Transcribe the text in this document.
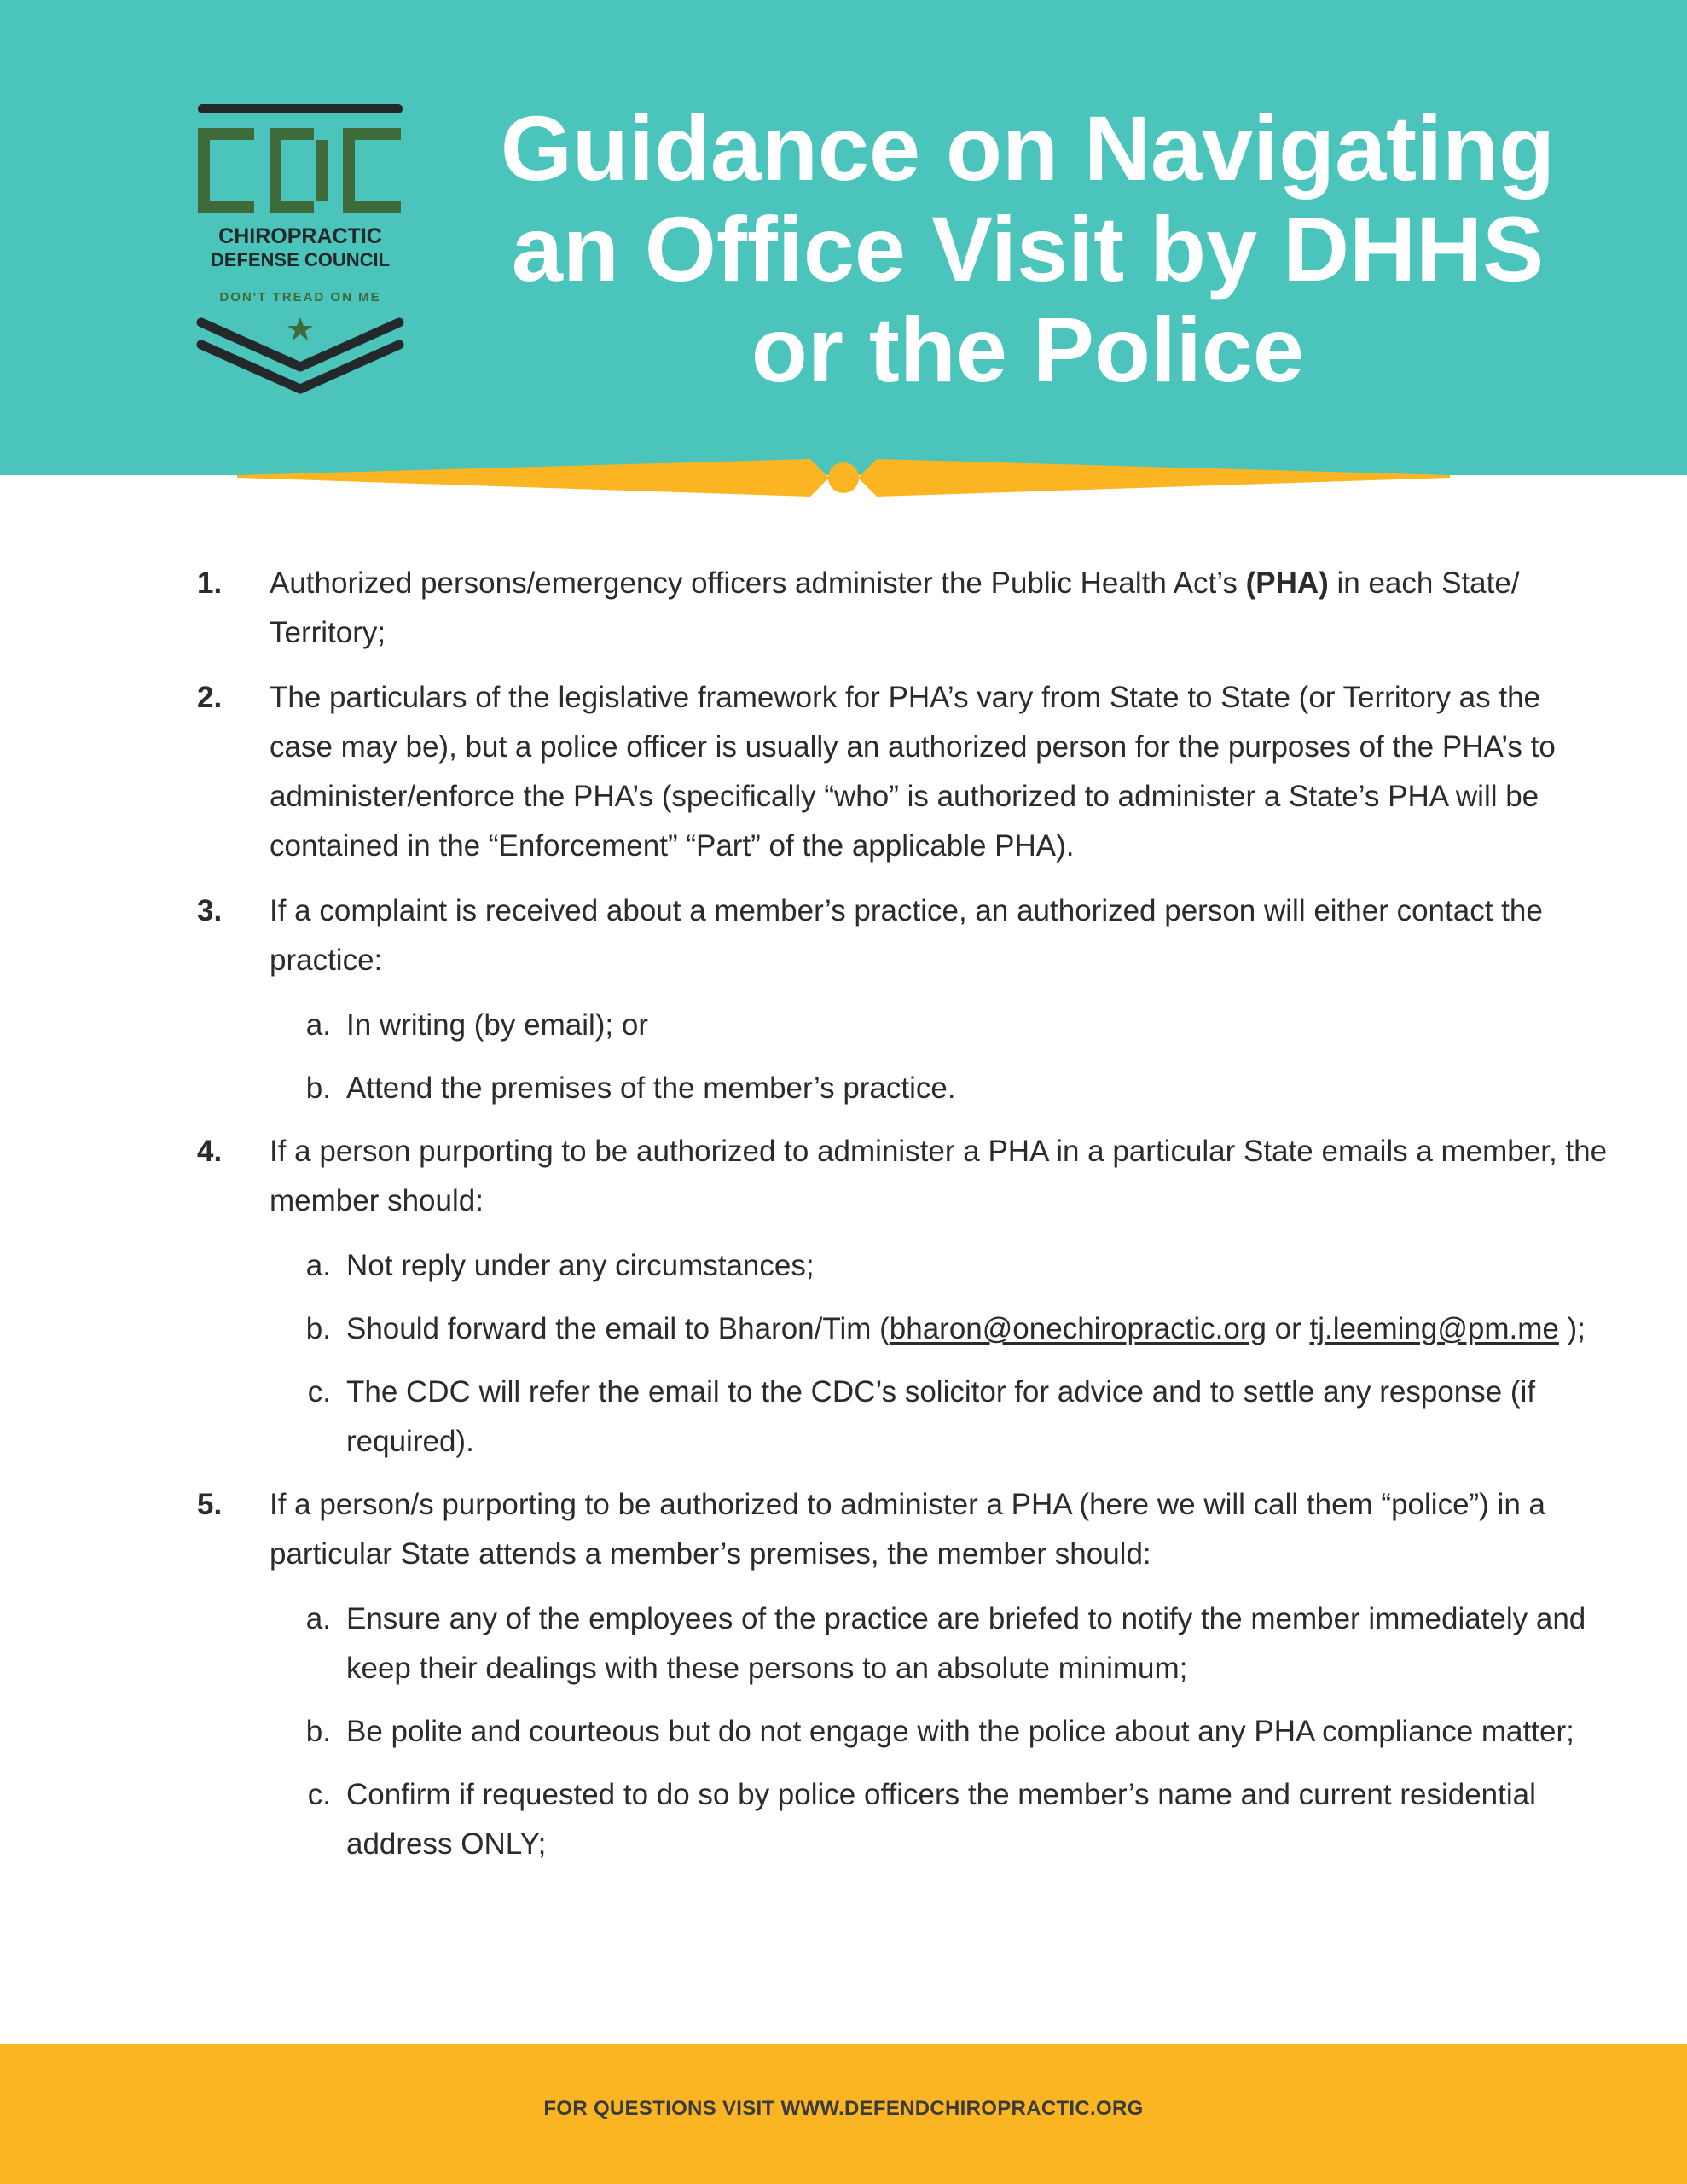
CHIROPRACTIC
DEFENSE COUNCIL
DON'T TREAD ON ME
Guidance on Navigating
an Office Visit by DHHS
or the Police
1. Authorized persons/emergency officers administer the Public Health Act’s (PHA) in each State/ Territory;
2. The particulars of the legislative framework for PHA’s vary from State to State (or Territory as the case may be), but a police officer is usually an authorized person for the purposes of the PHA’s to administer/enforce the PHA’s (specifically “who” is authorized to administer a State’s PHA will be contained in the “Enforcement” “Part” of the applicable PHA).
3. If a complaint is received about a member’s practice, an authorized person will either contact the practice:
a. In writing (by email); or
b. Attend the premises of the member’s practice.
4. If a person purporting to be authorized to administer a PHA in a particular State emails a member, the member should:
a. Not reply under any circumstances;
b. Should forward the email to Bharon/Tim (bharon@onechiropractic.org or tj.leeming@pm.me );
c. The CDC will refer the email to the CDC’s solicitor for advice and to settle any response (if required).
5. If a person/s purporting to be authorized to administer a PHA (here we will call them “police”) in a particular State attends a member’s premises, the member should:
a. Ensure any of the employees of the practice are briefed to notify the member immediately and keep their dealings with these persons to an absolute minimum;
b. Be polite and courteous but do not engage with the police about any PHA compliance matter;
c. Confirm if requested to do so by police officers the member’s name and current residential address ONLY;
FOR QUESTIONS VISIT WWW.DEFENDCHIROPRACTIC.ORG
